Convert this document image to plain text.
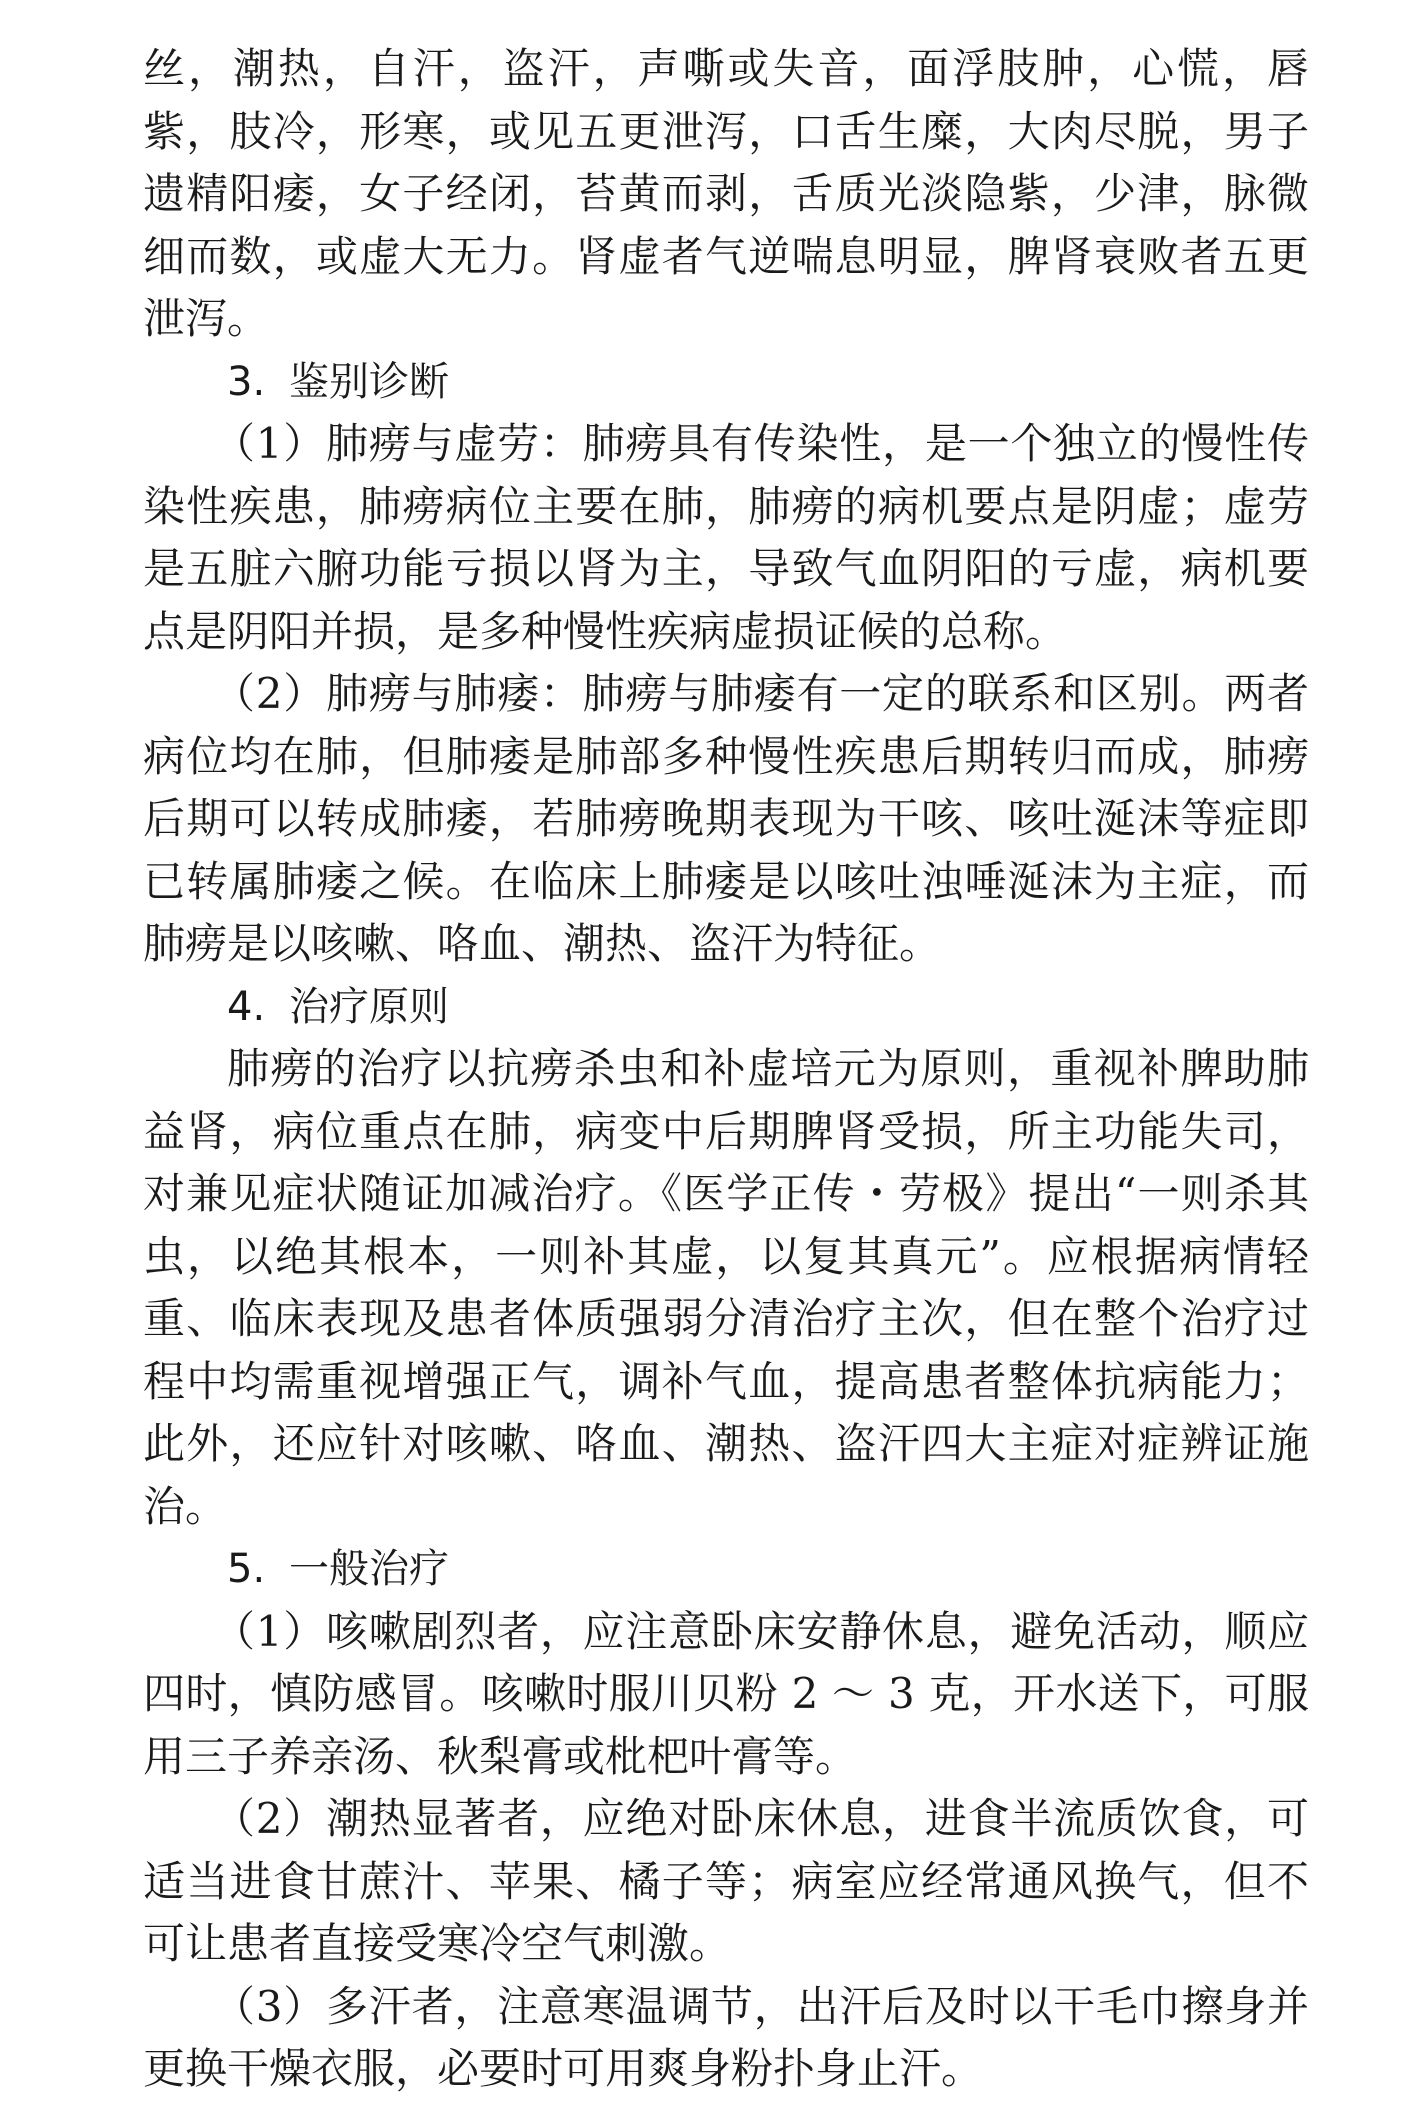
丝，潮热，自汗，盗汗，声嘶或失音，面浮肢肿，心慌，唇紫，肢冷，形寒，或见五更泄泻，口舌生糜，大肉尽脱，男子遗精阳痿，女子经闭，苔黄而剥，舌质光淡隐紫，少津，脉微细而数，或虚大无力。肾虚者气逆喘息明显，脾肾衰败者五更泄泻。

3. 鉴别诊断

（1）肺痨与虚劳：肺痨具有传染性，是一个独立的慢性传染性疾患，肺痨病位主要在肺，肺痨的病机要点是阴虚；虚劳是五脏六腑功能亏损以肾为主，导致气血阴阳的亏虚，病机要点是阴阳并损，是多种慢性疾病虚损证候的总称。

（2）肺痨与肺痿：肺痨与肺痿有一定的联系和区别。两者病位均在肺，但肺痿是肺部多种慢性疾患后期转归而成，肺痨后期可以转成肺痿，若肺痨晚期表现为干咳、咳吐涎沫等症即已转属肺痿之候。在临床上肺痿是以咳吐浊唾涎沫为主症，而肺痨是以咳嗽、咯血、潮热、盗汗为特征。

4. 治疗原则

肺痨的治疗以抗痨杀虫和补虚培元为原则，重视补脾助肺益肾，病位重点在肺，病变中后期脾肾受损，所主功能失司，对兼见症状随证加减治疗。《医学正传・劳极》提出“一则杀其虫，以绝其根本，一则补其虚，以复其真元”。应根据病情轻重、临床表现及患者体质强弱分清治疗主次，但在整个治疗过程中均需重视增强正气，调补气血，提高患者整体抗病能力；此外，还应针对咳嗽、咯血、潮热、盗汗四大主症对症辨证施治。

5. 一般治疗

（1）咳嗽剧烈者，应注意卧床安静休息，避免活动，顺应四时，慎防感冒。咳嗽时服川贝粉 2 ～ 3 克，开水送下，可服用三子养亲汤、秋梨膏或枇杷叶膏等。

（2）潮热显著者，应绝对卧床休息，进食半流质饮食，可适当进食甘蔗汁、苹果、橘子等；病室应经常通风换气，但不可让患者直接受寒冷空气刺激。

（3）多汗者，注意寒温调节，出汗后及时以干毛巾擦身并更换干燥衣服，必要时可用爽身粉扑身止汗。
